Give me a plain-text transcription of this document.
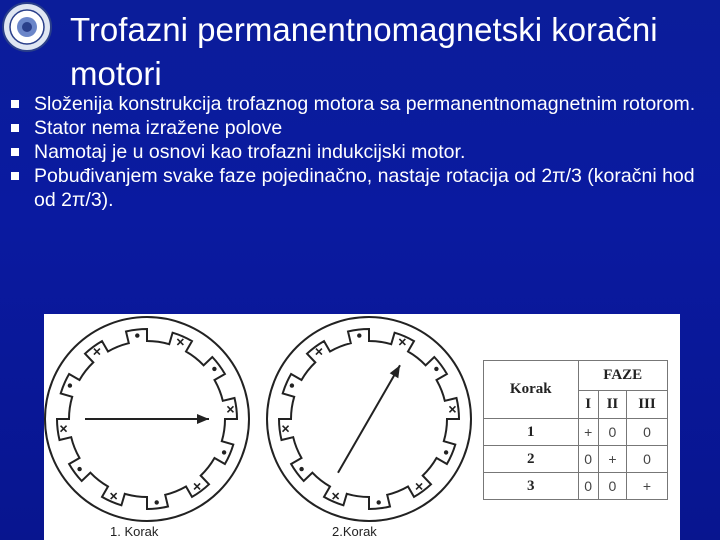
Trofazni permanentnomagnetski koračni motori
Složenija konstrukcija trofaznog motora sa permanentnomagnetnim rotorom.
Stator nema izražene polove
Namotaj je u osnovi kao trofazni indukcijski motor.
Pobuđivanjem svake faze pojedinačno, nastaje rotacija od 2π/3 (koračni hod od 2π/3).
1. Korak	2.Korak
Korak	FAZE		
	I	II	III
1	+	0	0
2	0	+	0
3	0	0	+
